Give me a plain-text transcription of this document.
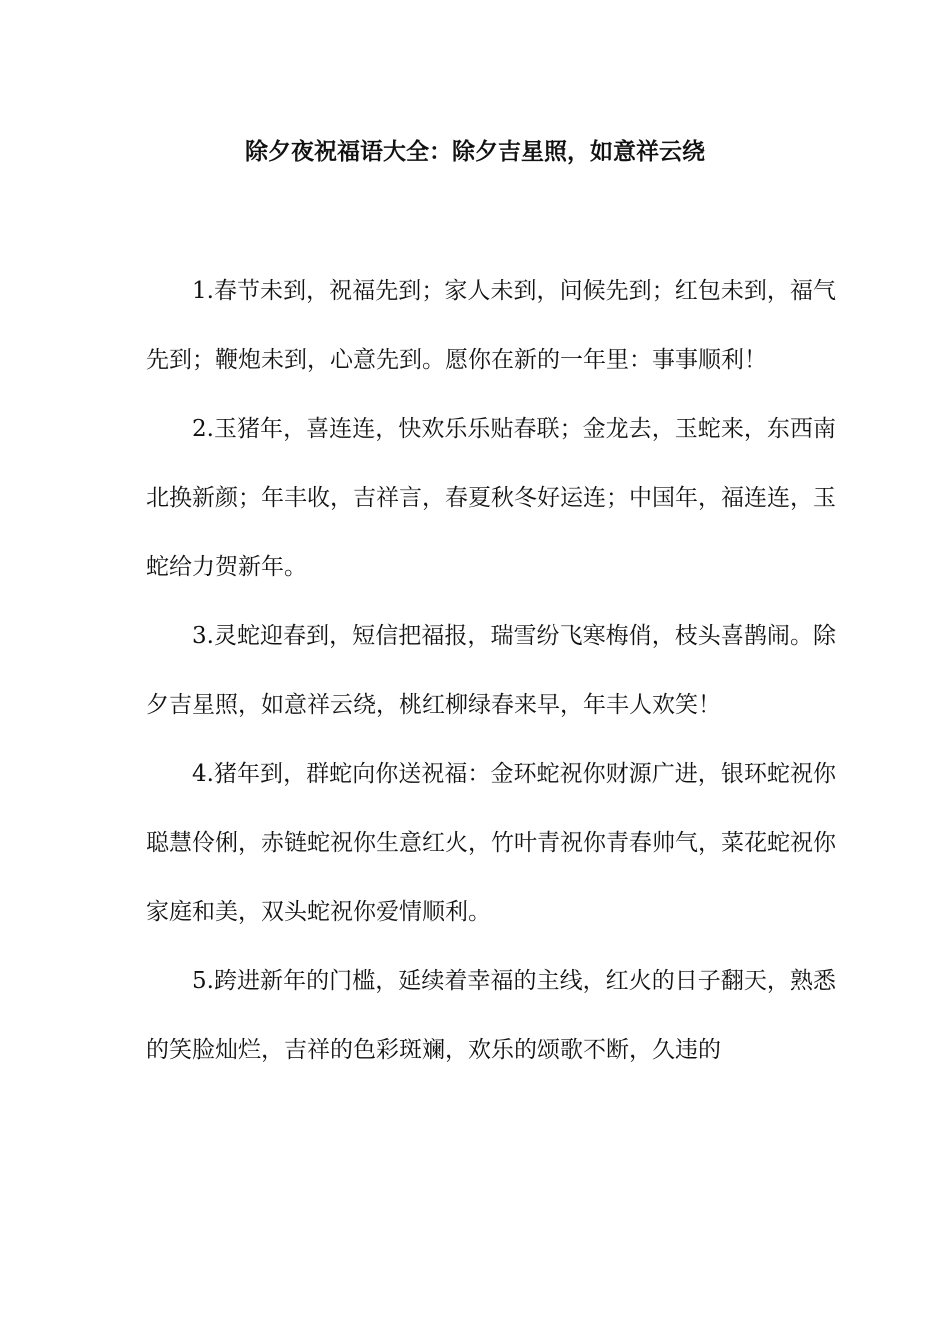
除夕夜祝福语大全：除夕吉星照，如意祥云绕

1.春节未到，祝福先到；家人未到，问候先到；红包未到，福气先到；鞭炮未到，心意先到。愿你在新的一年里：事事顺利！

2.玉猪年，喜连连，快欢乐乐贴春联；金龙去，玉蛇来，东西南北换新颜；年丰收，吉祥言，春夏秋冬好运连；中国年，福连连，玉蛇给力贺新年。

3.灵蛇迎春到，短信把福报，瑞雪纷飞寒梅俏，枝头喜鹊闹。除夕吉星照，如意祥云绕，桃红柳绿春来早，年丰人欢笑！

4.猪年到，群蛇向你送祝福：金环蛇祝你财源广进，银环蛇祝你聪慧伶俐，赤链蛇祝你生意红火，竹叶青祝你青春帅气，菜花蛇祝你家庭和美，双头蛇祝你爱情顺利。

5.跨进新年的门槛，延续着幸福的主线，红火的日子翻天，熟悉的笑脸灿烂，吉祥的色彩斑斓，欢乐的颂歌不断，久违的
